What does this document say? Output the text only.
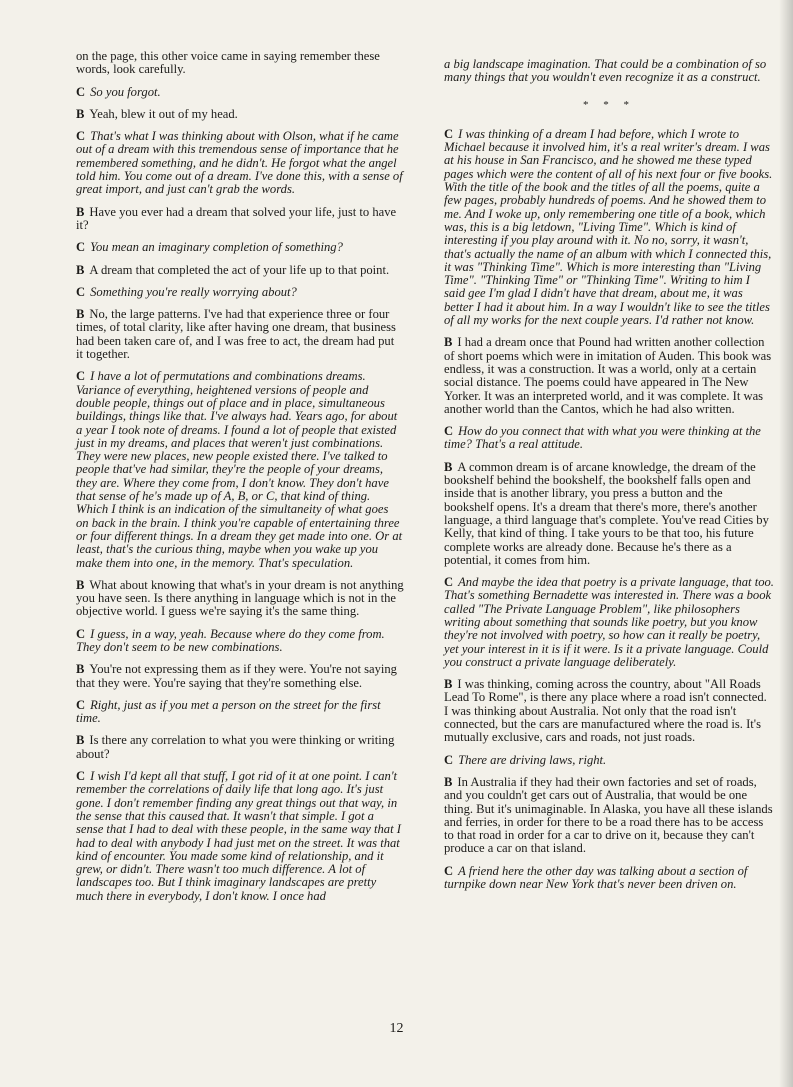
on the page, this other voice came in saying remember these words, look carefully.

C So you forgot.

B Yeah, blew it out of my head.

C That's what I was thinking about with Olson, what if he came out of a dream with this tremendous sense of importance that he remembered something, and he didn't. He forgot what the angel told him. You come out of a dream. I've done this, with a sense of great import, and just can't grab the words.

B Have you ever had a dream that solved your life, just to have it?

C You mean an imaginary completion of something?

B A dream that completed the act of your life up to that point.

C Something you're really worrying about?

B No, the large patterns. I've had that experience three or four times, of total clarity, like after having one dream, that business had been taken care of, and I was free to act, the dream had put it together.

C I have a lot of permutations and combinations dreams. Variance of everything, heightened versions of people and double people, things out of place and in place, simultaneous buildings, things like that. I've always had. Years ago, for about a year I took note of dreams. I found a lot of people that existed just in my dreams, and places that weren't just combinations. They were new places, new people existed there. I've talked to people that've had similar, they're the people of your dreams, they are. Where they come from, I don't know. They don't have that sense of he's made up of A, B, or C, that kind of thing. Which I think is an indication of the simultaneity of what goes on back in the brain. I think you're capable of entertaining three or four different things. In a dream they get made into one. Or at least, that's the curious thing, maybe when you wake up you make them into one, in the memory. That's speculation.

B What about knowing that what's in your dream is not anything you have seen. Is there anything in language which is not in the objective world. I guess we're saying it's the same thing.

C I guess, in a way, yeah. Because where do they come from. They don't seem to be new combinations.

B You're not expressing them as if they were. You're not saying that they were. You're saying that they're something else.

C Right, just as if you met a person on the street for the first time.

B Is there any correlation to what you were thinking or writing about?

C I wish I'd kept all that stuff, I got rid of it at one point. I can't remember the correlations of daily life that long ago. It's just gone. I don't remember finding any great things out that way, in the sense that this caused that. It wasn't that simple. I got a sense that I had to deal with these people, in the same way that I had to deal with anybody I had just met on the street. It was that kind of encounter. You made some kind of relationship, and it grew, or didn't. There wasn't too much difference. A lot of landscapes too. But I think imaginary landscapes are pretty much there in everybody, I don't know. I once had

a big landscape imagination. That could be a combination of so many things that you wouldn't even recognize it as a construct.

* * *

C I was thinking of a dream I had before, which I wrote to Michael because it involved him, it's a real writer's dream. I was at his house in San Francisco, and he showed me these typed pages which were the content of all of his next four or five books. With the title of the book and the titles of all the poems, quite a few pages, probably hundreds of poems. And he showed them to me. And I woke up, only remembering one title of a book, which was, this is a big letdown, "Living Time". Which is kind of interesting if you play around with it. No no, sorry, it wasn't, that's actually the name of an album with which I connected this, it was "Thinking Time". Which is more interesting than "Living Time". "Thinking Time" or "Thinking Time". Writing to him I said gee I'm glad I didn't have that dream, about me, it was better I had it about him. In a way I wouldn't like to see the titles of all my works for the next couple years. I'd rather not know.

B I had a dream once that Pound had written another collection of short poems which were in imitation of Auden. This book was endless, it was a construction. It was a world, only at a certain social distance. The poems could have appeared in The New Yorker. It was an interpreted world, and it was complete. It was another world than the Cantos, which he had also written.

C How do you connect that with what you were thinking at the time? That's a real attitude.

B A common dream is of arcane knowledge, the dream of the bookshelf behind the bookshelf, the bookshelf falls open and inside that is another library, you press a button and the bookshelf opens. It's a dream that there's more, there's another language, a third language that's complete. You've read Cities by Kelly, that kind of thing. I take yours to be that too, his future complete works are already done. Because he's there as a potential, it comes from him.

C And maybe the idea that poetry is a private language, that too. That's something Bernadette was interested in. There was a book called "The Private Language Problem", like philosophers writing about something that sounds like poetry, but you know they're not involved with poetry, so how can it really be poetry, yet your interest in it is if it were. Is it a private language. Could you construct a private language deliberately.

B I was thinking, coming across the country, about "All Roads Lead To Rome", is there any place where a road isn't connected. I was thinking about Australia. Not only that the road isn't connected, but the cars are manufactured where the road is. It's mutually exclusive, cars and roads, not just roads.

C There are driving laws, right.

B In Australia if they had their own factories and set of roads, and you couldn't get cars out of Australia, that would be one thing. But it's unimaginable. In Alaska, you have all these islands and ferries, in order for there to be a road there has to be access to that road in order for a car to drive on it, because they can't produce a car on that island.

C A friend here the other day was talking about a section of turnpike down near New York that's never been driven on.

12
